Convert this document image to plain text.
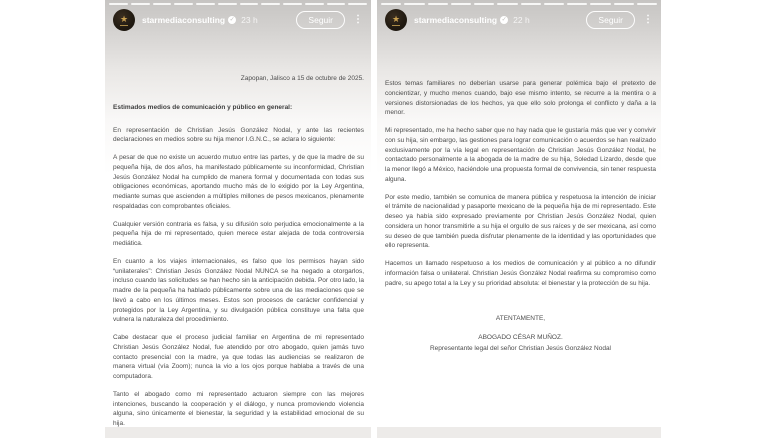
★ starmediaconsulting ✓ 23 h	Seguir	⋮
Zapopan, Jalisco a 15 de octubre de 2025.
Estimados medios de comunicación y público en general:

En representación de Christian Jesús González Nodal, y ante las recientes declaraciones en medios sobre su hija menor I.G.N.C., se aclara lo siguiente:

A pesar de que no existe un acuerdo mutuo entre las partes, y de que la madre de su pequeña hija, de dos años, ha manifestado públicamente su inconformidad, Christian Jesús González Nodal ha cumplido de manera formal y documentada con todas sus obligaciones económicas, aportando mucho más de lo exigido por la Ley Argentina, mediante sumas que ascienden a múltiples millones de pesos mexicanos, plenamente respaldadas con comprobantes oficiales.

Cualquier versión contraria es falsa, y su difusión solo perjudica emocionalmente a la pequeña hija de mi representado, quien merece estar alejada de toda controversia mediática.

En cuanto a los viajes internacionales, es falso que los permisos hayan sido “unilaterales”: Christian Jesús González Nodal NUNCA se ha negado a otorgarlos, incluso cuando las solicitudes se han hecho sin la anticipación debida. Por otro lado, la madre de la pequeña ha hablado públicamente sobre una de las mediaciones que se llevó a cabo en los últimos meses. Estos son procesos de carácter confidencial y protegidos por la Ley Argentina, y su divulgación pública constituye una falta que vulnera la naturaleza del procedimiento.

Cabe destacar que el proceso judicial familiar en Argentina de mi representado Christian Jesús González Nodal, fue atendido por otro abogado, quien jamás tuvo contacto presencial con la madre, ya que todas las audiencias se realizaron de manera virtual (vía Zoom); nunca la vio a los ojos porque hablaba a través de una computadora.

Tanto el abogado como mi representado actuaron siempre con las mejores intenciones, buscando la cooperación y el diálogo, y nunca promoviendo violencia alguna, sino únicamente el bienestar, la seguridad y la estabilidad emocional de su hija.

★ starmediaconsulting ✓ 22 h	Seguir	⋮

Estos temas familiares no deberían usarse para generar polémica bajo el pretexto de concientizar, y mucho menos cuando, bajo ese mismo intento, se recurre a la mentira o a versiones distorsionadas de los hechos, ya que ello solo prolonga el conflicto y daña a la menor.

Mi representado, me ha hecho saber que no hay nada que le gustaría más que ver y convivir con su hija, sin embargo, las gestiones para lograr comunicación o acuerdos se han realizado exclusivamente por la vía legal en representación de Christian Jesús González Nodal, he contactado personalmente a la abogada de la madre de su hija, Soledad Lizardo, desde que la menor llegó a México, haciéndole una propuesta formal de convivencia, sin tener respuesta alguna.

Por este medio, también se comunica de manera pública y respetuosa la intención de iniciar el trámite de nacionalidad y pasaporte mexicano de la pequeña hija de mi representado. Este deseo ya había sido expresado previamente por Christian Jesús González Nodal, quien considera un honor transmitirle a su hija el orgullo de sus raíces y de ser mexicana, así como su deseo de que también pueda disfrutar plenamente de la identidad y las oportunidades que ello representa.

Hacemos un llamado respetuoso a los medios de comunicación y al público a no difundir información falsa o unilateral. Christian Jesús González Nodal reafirma su compromiso como padre, su apego total a la Ley y su prioridad absoluta: el bienestar y la protección de su hija.

ATENTAMENTE,
ABOGADO CÉSAR MUÑOZ.
Representante legal del señor Christian Jesús González Nodal
